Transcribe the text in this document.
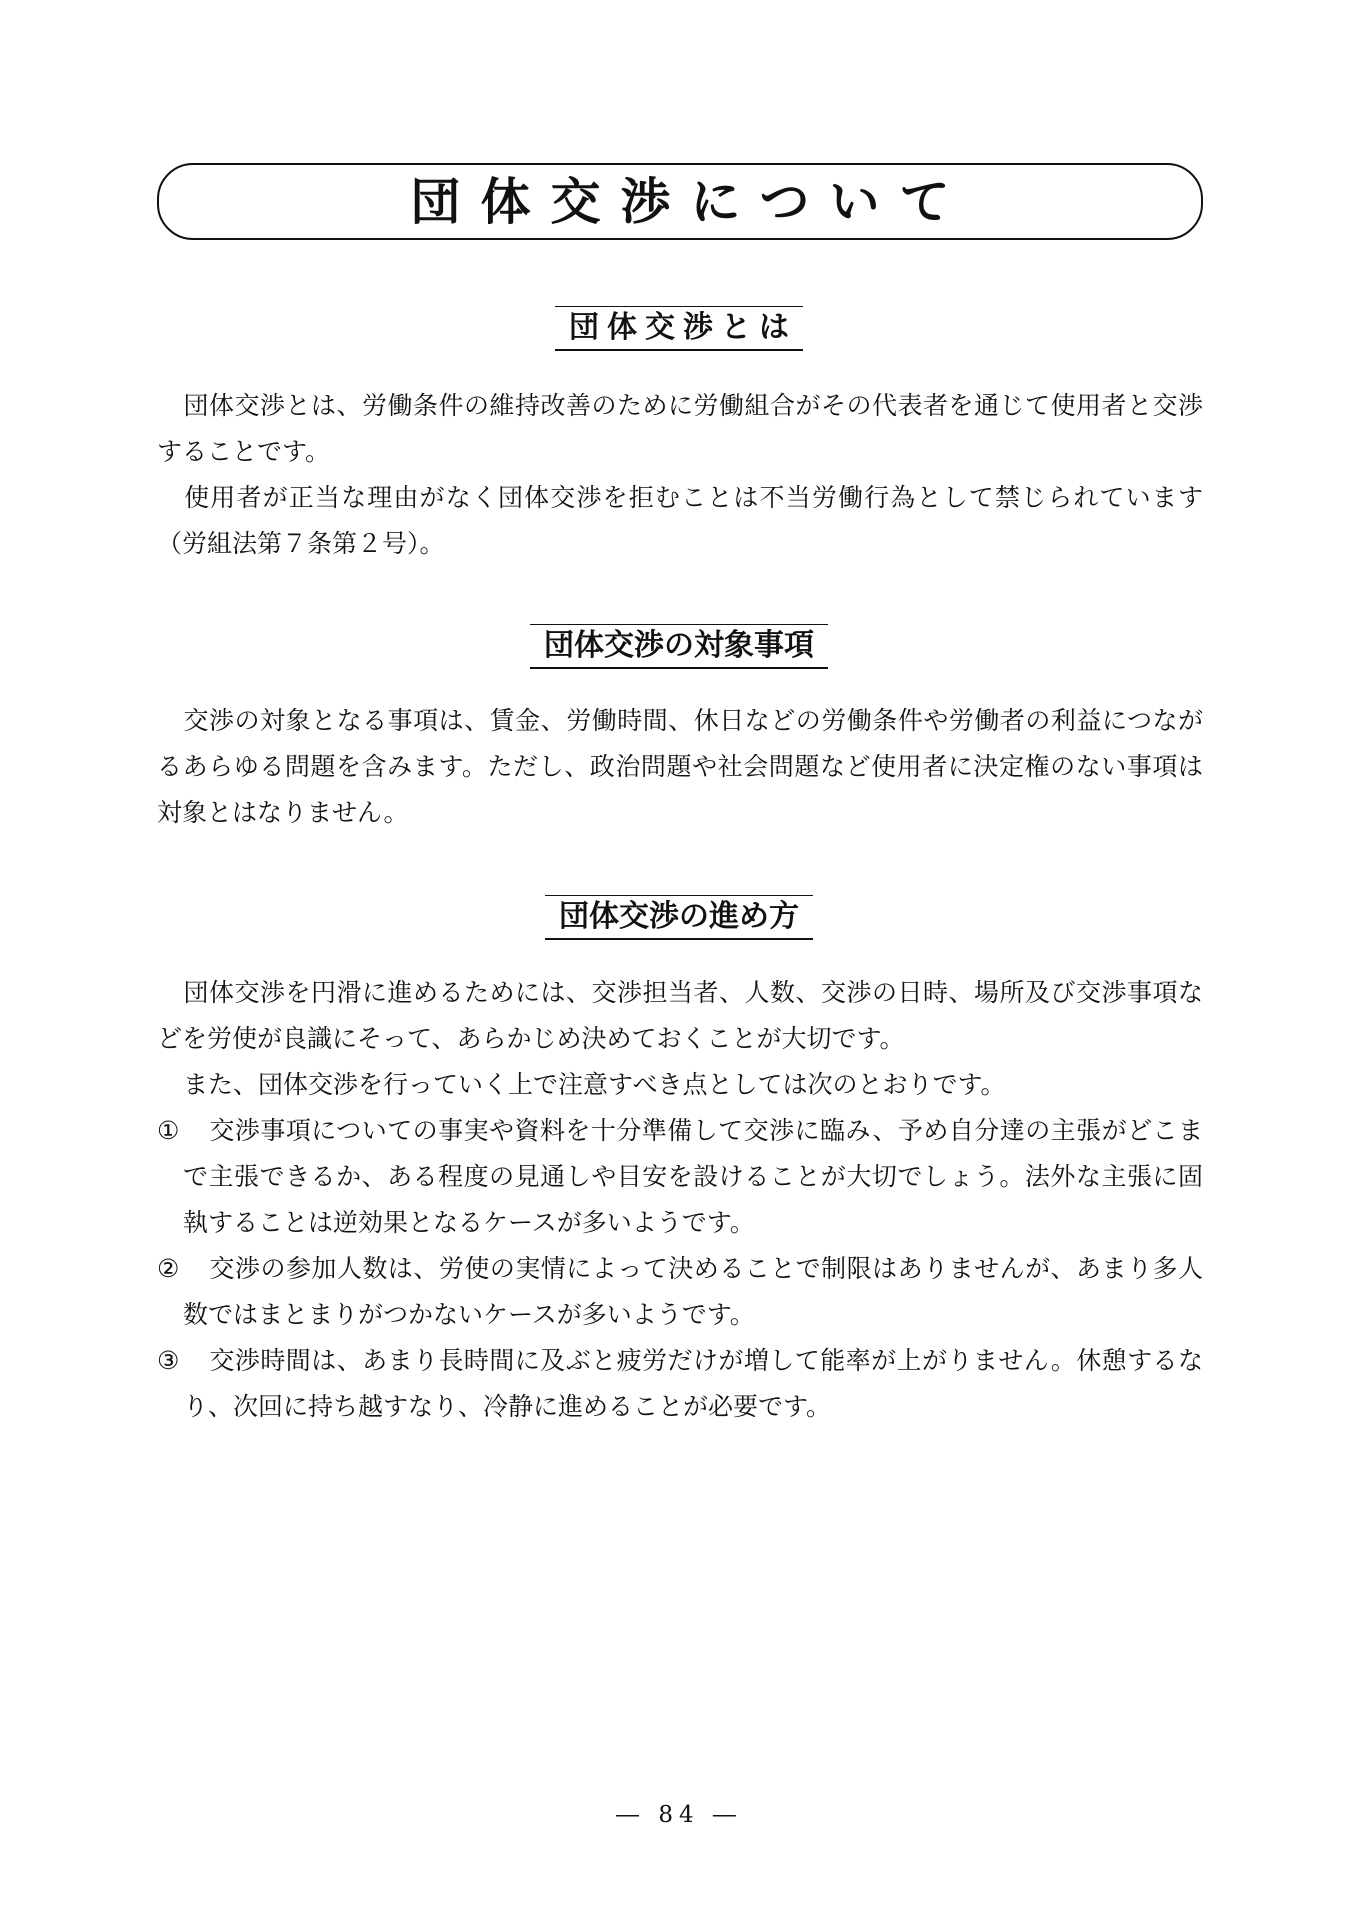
団体交渉について
団体交渉とは

団体交渉とは、労働条件の維持改善のために労働組合がその代表者を通じて使用者と交渉することです。

使用者が正当な理由がなく団体交渉を拒むことは不当労働行為として禁じられています（労組法第７条第２号）。

団体交渉の対象事項

交渉の対象となる事項は、賃金、労働時間、休日などの労働条件や労働者の利益につながるあらゆる問題を含みます。ただし、政治問題や社会問題など使用者に決定権のない事項は対象とはなりません。

団体交渉の進め方

団体交渉を円滑に進めるためには、交渉担当者、人数、交渉の日時、場所及び交渉事項などを労使が良識にそって、あらかじめ決めておくことが大切です。

また、団体交渉を行っていく上で注意すべき点としては次のとおりです。

① 交渉事項についての事実や資料を十分準備して交渉に臨み、予め自分達の主張がどこまで主張できるか、ある程度の見通しや目安を設けることが大切でしょう。法外な主張に固執することは逆効果となるケースが多いようです。

② 交渉の参加人数は、労使の実情によって決めることで制限はありませんが、あまり多人数ではまとまりがつかないケースが多いようです。

③ 交渉時間は、あまり長時間に及ぶと疲労だけが増して能率が上がりません。休憩するなり、次回に持ち越すなり、冷静に進めることが必要です。

― 84 ―
